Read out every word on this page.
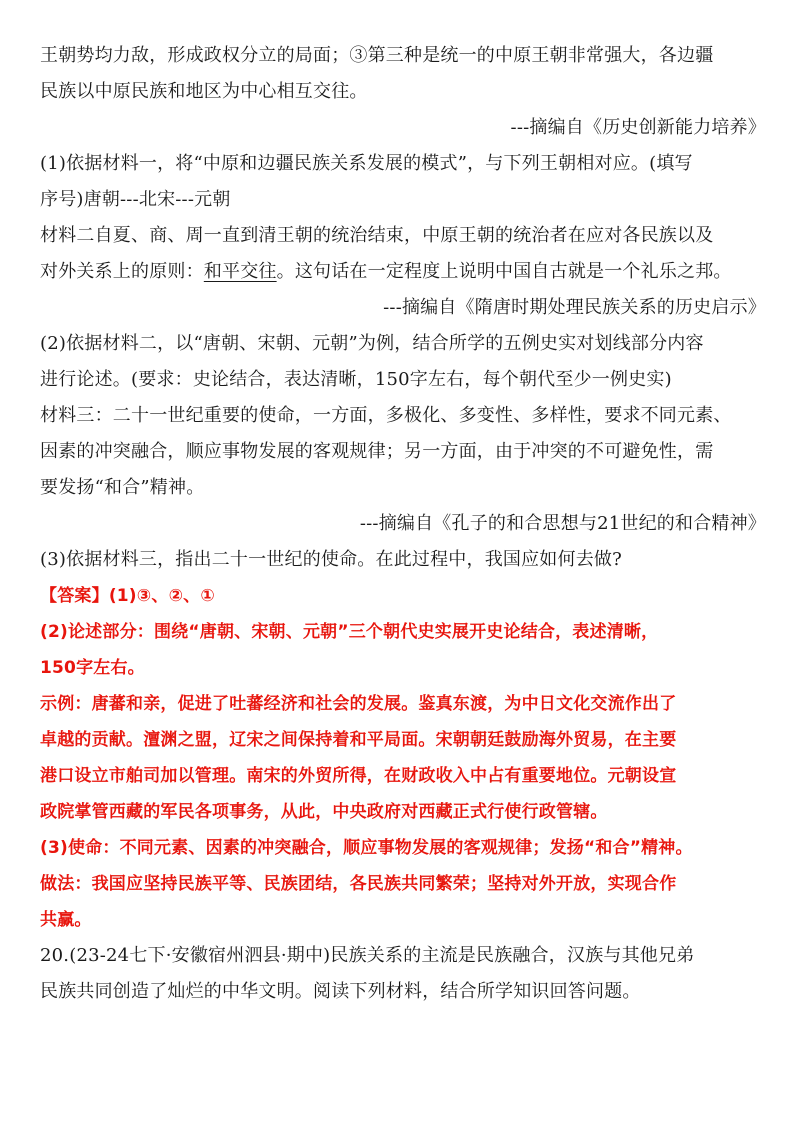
王朝势均力敌，形成政权分立的局面；③第三种是统一的中原王朝非常强大，各边疆
民族以中原民族和地区为中心相互交往。
---摘编自《历史创新能力培养》
(1)依据材料一，将“中原和边疆民族关系发展的模式”，与下列王朝相对应。(填写
序号)唐朝---北宋---元朝
材料二自夏、商、周一直到清王朝的统治结束，中原王朝的统治者在应对各民族以及
对外关系上的原则：和平交往。这句话在一定程度上说明中国自古就是一个礼乐之邦。
---摘编自《隋唐时期处理民族关系的历史启示》
(2)依据材料二，以“唐朝、宋朝、元朝”为例，结合所学的五例史实对划线部分内容
进行论述。(要求：史论结合，表达清晰，150字左右，每个朝代至少一例史实)
材料三：二十一世纪重要的使命，一方面，多极化、多变性、多样性，要求不同元素、
因素的冲突融合，顺应事物发展的客观规律；另一方面，由于冲突的不可避免性，需
要发扬“和合”精神。
---摘编自《孔子的和合思想与21世纪的和合精神》
(3)依据材料三，指出二十一世纪的使命。在此过程中，我国应如何去做?
【答案】(1)③、②、①
(2)论述部分：围绕“唐朝、宋朝、元朝”三个朝代史实展开史论结合，表述清晰，
150字左右。
示例：唐蕃和亲，促进了吐蕃经济和社会的发展。鉴真东渡，为中日文化交流作出了
卓越的贡献。澶渊之盟，辽宋之间保持着和平局面。宋朝朝廷鼓励海外贸易，在主要
港口设立市舶司加以管理。南宋的外贸所得，在财政收入中占有重要地位。元朝设宣
政院掌管西藏的军民各项事务，从此，中央政府对西藏正式行使行政管辖。
(3)使命：不同元素、因素的冲突融合，顺应事物发展的客观规律；发扬“和合”精神。
做法：我国应坚持民族平等、民族团结，各民族共同繁荣；坚持对外开放，实现合作
共赢。
20.(23-24七下·安徽宿州泗县·期中)民族关系的主流是民族融合，汉族与其他兄弟
民族共同创造了灿烂的中华文明。阅读下列材料，结合所学知识回答问题。
